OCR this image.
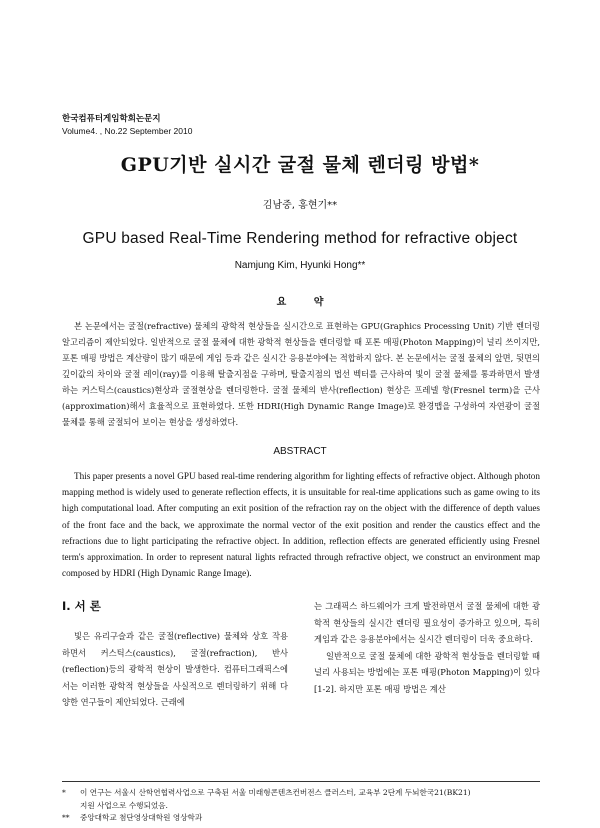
한국컴퓨터게임학회논문지
Volume4. , No.22 September 2010
GPU기반 실시간 굴절 물체 렌더링 방법*
김남중, 홍현기**
GPU based Real-Time Rendering method for refractive object
Namjung Kim, Hyunki Hong**
요 약

본 논문에서는 굴절(refractive) 물체의 광학적 현상들을 실시간으로 표현하는 GPU(Graphics Processing Unit) 기반 렌더링 알고리즘이 제안되었다. 일반적으로 굴절 물체에 대한 광학적 현상들을 렌더링할 때 포톤 매핑(Photon Mapping)이 널리 쓰이지만, 포톤 매핑 방법은 계산량이 많기 때문에 게임 등과 같은 실시간 응용분야에는 적합하지 않다. 본 논문에서는 굴절 물체의 앞면, 뒷면의 깊이값의 차이와 굴절 레이(ray)를 이용해 탈출지점을 구하며, 탈출지점의 법선 벡터를 근사하여 빛이 굴절 물체를 통과하면서 발생하는 커스틱스(caustics)현상과 굴절현상을 렌더링한다. 굴절 물체의 반사(reflection) 현상은 프레넬 항(Fresnel term)을 근사(approximation)해서 효율적으로 표현하였다. 또한 HDRI(High Dynamic Range Image)로 환경맵을 구성하여 자연광이 굴절 물체를 통해 굴절되어 보이는 현상을 생성하였다.

ABSTRACT

This paper presents a novel GPU based real-time rendering algorithm for lighting effects of refractive object. Although photon mapping method is widely used to generate reflection effects, it is unsuitable for real-time applications such as game owing to its high computational load. After computing an exit position of the refraction ray on the object with the difference of depth values of the front face and the back, we approximate the normal vector of the exit position and render the caustics effect and the refractions due to light participating the refractive object. In addition, reflection effects are generated efficiently using Fresnel term's approximation. In order to represent natural lights refracted through refractive object, we construct an environment map composed by HDRI (High Dynamic Range Image).

Ⅰ. 서 론

빛은 유리구슬과 같은 굴절(reflective) 물체와 상호 작용하면서 커스틱스(caustics), 굴절(refraction), 반사(reflection)등의 광학적 현상이 발생한다. 컴퓨터그래픽스에서는 이러한 광학적 현상들을 사실적으로 렌더링하기 위해 다양한 연구들이 제안되었다. 근래에

는 그래픽스 하드웨어가 크게 발전하면서 굴절 물체에 대한 광학적 현상들의 실시간 렌더링 필요성이 증가하고 있으며, 특히 게임과 같은 응용분야에서는 실시간 렌더링이 더욱 중요하다.

일반적으로 굴절 물체에 대한 광학적 현상들을 렌더링할 때 널리 사용되는 방법에는 포톤 매핑(Photon Mapping)이 있다[1-2]. 하지만 포톤 매핑 방법은 계산

*	이 연구는 서울시 산학연협력사업으로 구축된 서울 미래형콘텐츠컨버전스 클러스터, 교육부 2단계 두뇌한국21(BK21)
지원 사업으로 수행되었음.
**	중앙대학교 첨단영상대학원 영상학과
